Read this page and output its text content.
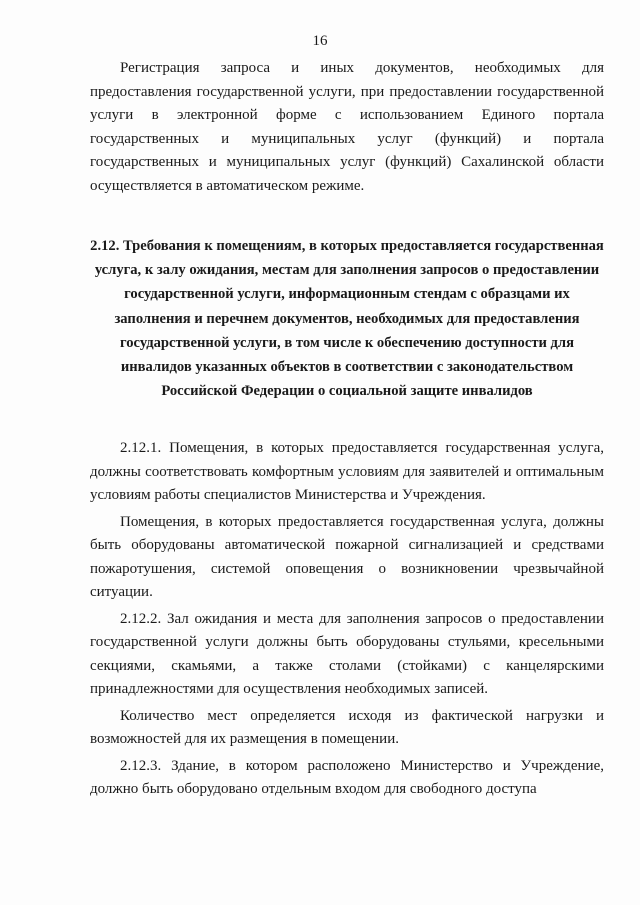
16

Регистрация запроса и иных документов, необходимых для предоставления государственной услуги, при предоставлении государственной услуги в электронной форме с использованием Единого портала государственных и муниципальных услуг (функций) и портала государственных и муниципальных услуг (функций) Сахалинской области осуществляется в автоматическом режиме.

2.12. Требования к помещениям, в которых предоставляется государственная услуга, к залу ожидания, местам для заполнения запросов о предоставлении государственной услуги, информационным стендам с образцами их заполнения и перечнем документов, необходимых для предоставления государственной услуги, в том числе к обеспечению доступности для инвалидов указанных объектов в соответствии с законодательством Российской Федерации о социальной защите инвалидов

2.12.1. Помещения, в которых предоставляется государственная услуга, должны соответствовать комфортным условиям для заявителей и оптимальным условиям работы специалистов Министерства и Учреждения.

Помещения, в которых предоставляется государственная услуга, должны быть оборудованы автоматической пожарной сигнализацией и средствами пожаротушения, системой оповещения о возникновении чрезвычайной ситуации.

2.12.2. Зал ожидания и места для заполнения запросов о предоставлении государственной услуги должны быть оборудованы стульями, кресельными секциями, скамьями, а также столами (стойками) с канцелярскими принадлежностями для осуществления необходимых записей.

Количество мест определяется исходя из фактической нагрузки и возможностей для их размещения в помещении.

2.12.3. Здание, в котором расположено Министерство и Учреждение, должно быть оборудовано отдельным входом для свободного доступа
